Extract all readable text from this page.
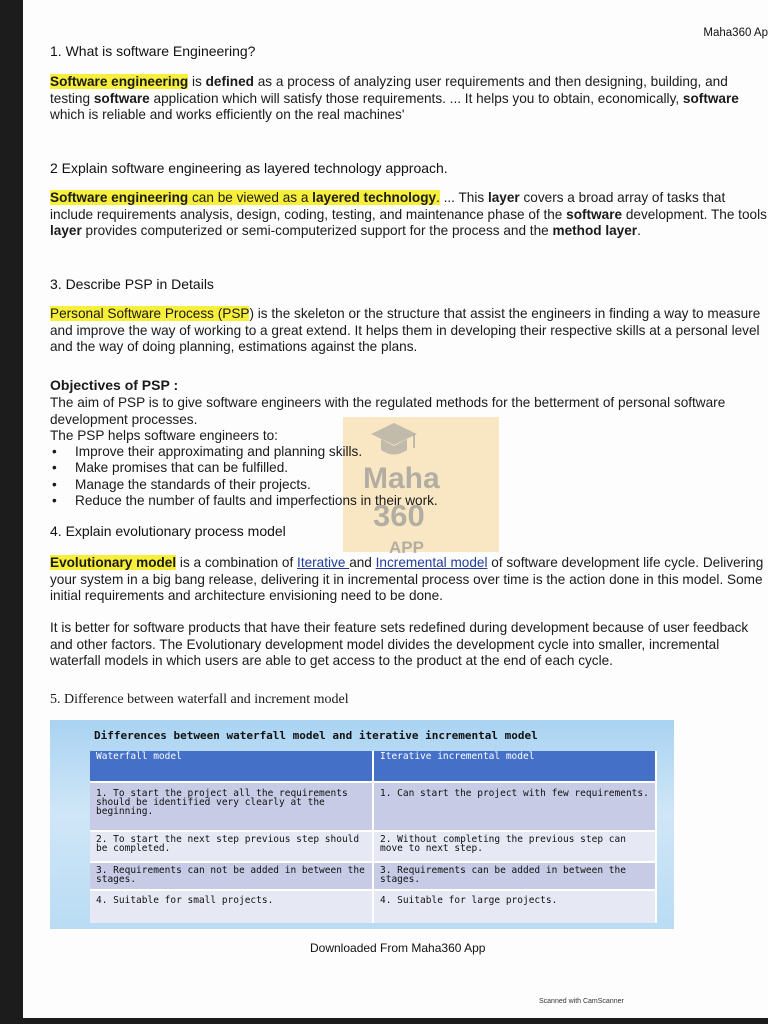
Maha360 Ap
1. What is software Engineering?

Software engineering is defined as a process of analyzing user requirements and then designing, building, and testing software application which will satisfy those requirements. ... It helps you to obtain, economically, software which is reliable and works efficiently on the real machines'

2 Explain software engineering as layered technology approach.

Software engineering can be viewed as a layered technology. ... This layer covers a broad array of tasks that include requirements analysis, design, coding, testing, and maintenance phase of the software development. The tools layer provides computerized or semi-computerized support for the process and the method layer.

3. Describe PSP in Details
Maha
360
APP

Personal Software Process (PSP) is the skeleton or the structure that assist the engineers in finding a way to measure and improve the way of working to a great extend. It helps them in developing their respective skills at a personal level and the way of doing planning, estimations against the plans.

Objectives of PSP :

The aim of PSP is to give software engineers with the regulated methods for the betterment of personal software development processes.

The PSP helps software engineers to:

• Improve their approximating and planning skills.
• Make promises that can be fulfilled.
• Manage the standards of their projects.
• Reduce the number of faults and imperfections in their work.
4. Explain evolutionary process model

Evolutionary model is a combination of Iterative and Incremental model of software development life cycle. Delivering your system in a big bang release, delivering it in incremental process over time is the action done in this model. Some initial requirements and architecture envisioning need to be done.

It is better for software products that have their feature sets redefined during development because of user feedback and other factors. The Evolutionary development model divides the development cycle into smaller, incremental waterfall models in which users are able to get access to the product at the end of each cycle.

5. Difference between waterfall and increment model
Differences between waterfall model and iterative incremental model
Waterfall model	Iterative incremental model
1. To start the project all the requirements should be identified very clearly at the beginning.	1. Can start the project with few requirements.
2. To start the next step previous step should be completed.	2. Without completing the previous step can move to next step.
3. Requirements can not be added in between the stages.	3. Requirements can be added in between the stages.
4. Suitable for small projects.	4. Suitable for large projects.
Downloaded From Maha360 App
Scanned with CamScanner
